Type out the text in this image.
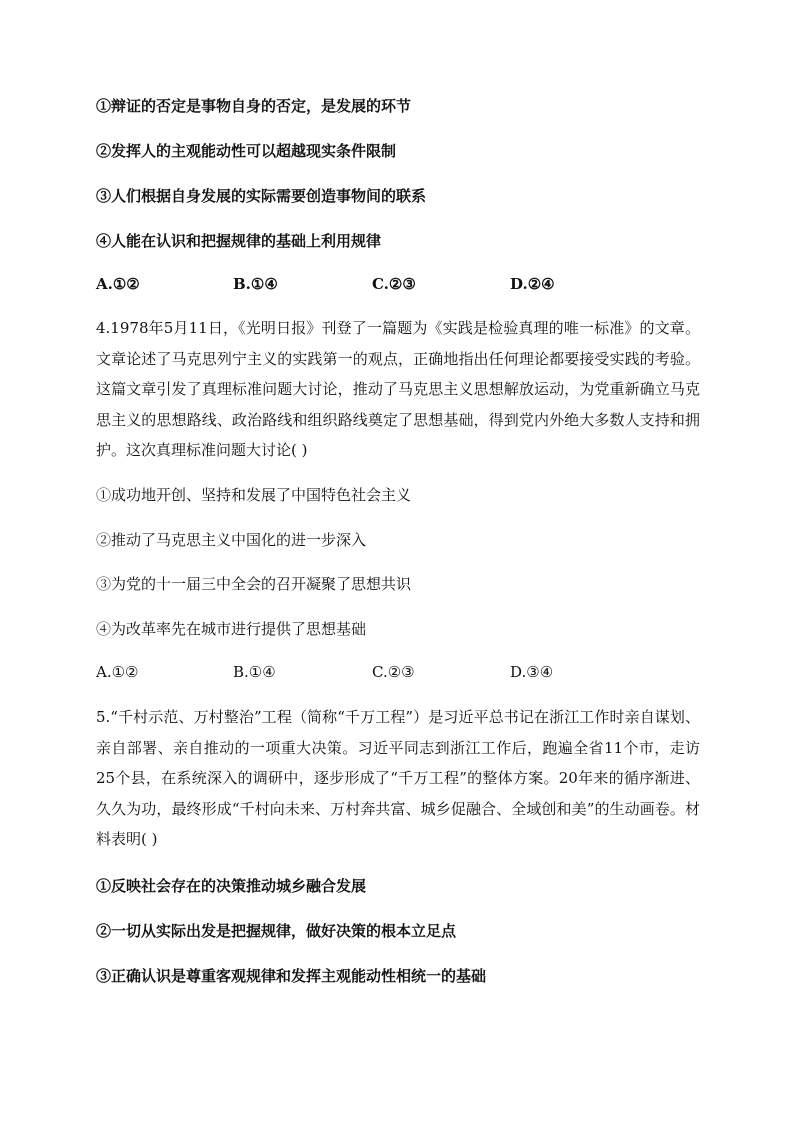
①辩证的否定是事物自身的否定，是发展的环节

②发挥人的主观能动性可以超越现实条件限制

③人们根据自身发展的实际需要创造事物间的联系

④人能在认识和把握规律的基础上利用规律

A.①②	B.①④	C.②③	D.②④

4.1978年5月11日，《光明日报》刊登了一篇题为《实践是检验真理的唯一标准》的文章。文章论述了马克思列宁主义的实践第一的观点，正确地指出任何理论都要接受实践的考验。这篇文章引发了真理标准问题大讨论，推动了马克思主义思想解放运动，为党重新确立马克思主义的思想路线、政治路线和组织路线奠定了思想基础，得到党内外绝大多数人支持和拥护。这次真理标准问题大讨论( )

①成功地开创、坚持和发展了中国特色社会主义

②推动了马克思主义中国化的进一步深入

③为党的十一届三中全会的召开凝聚了思想共识

④为改革率先在城市进行提供了思想基础

A.①②	B.①④	C.②③	D.③④

5.“千村示范、万村整治”工程（简称“千万工程”）是习近平总书记在浙江工作时亲自谋划、亲自部署、亲自推动的一项重大决策。习近平同志到浙江工作后，跑遍全省11个市，走访25个县，在系统深入的调研中，逐步形成了“千万工程”的整体方案。20年来的循序渐进、久久为功，最终形成“千村向未来、万村奔共富、城乡促融合、全域创和美”的生动画卷。材料表明( )

①反映社会存在的决策推动城乡融合发展

②一切从实际出发是把握规律，做好决策的根本立足点

③正确认识是尊重客观规律和发挥主观能动性相统一的基础
